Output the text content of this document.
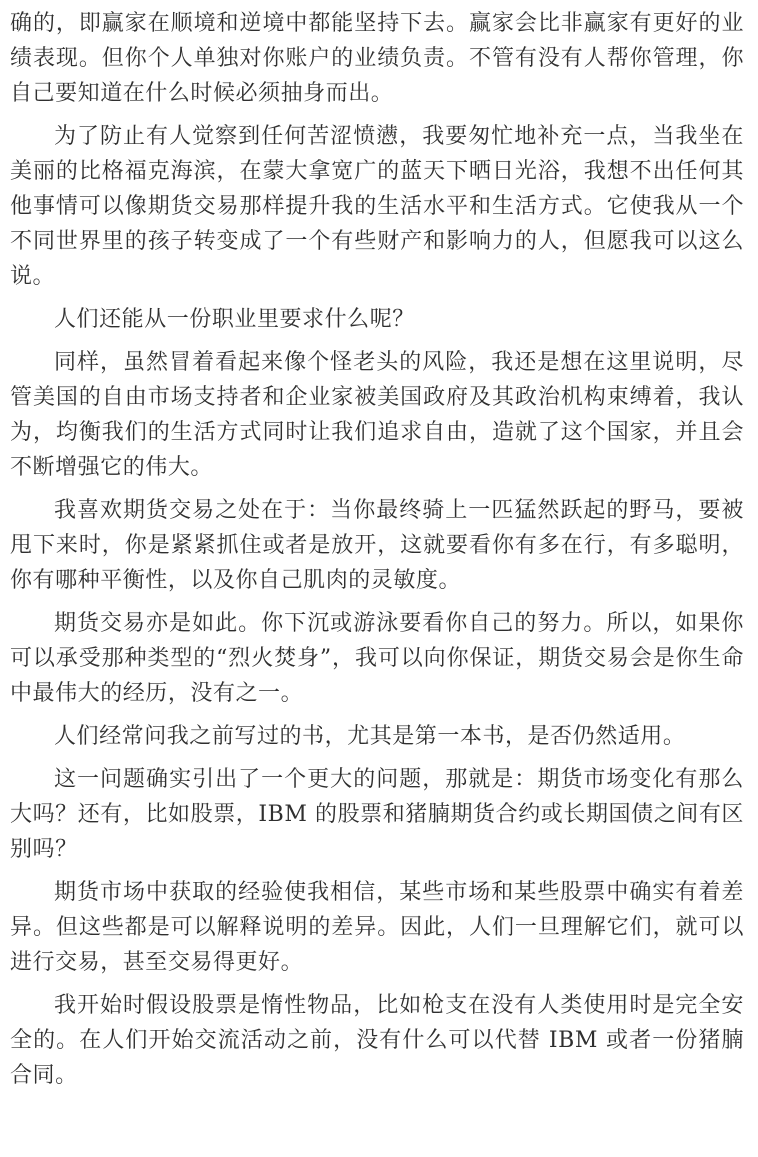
确的，即赢家在顺境和逆境中都能坚持下去。赢家会比非赢家有更好的业绩表现。但你个人单独对你账户的业绩负责。不管有没有人帮你管理，你自己要知道在什么时候必须抽身而出。

为了防止有人觉察到任何苦涩愤懑，我要匆忙地补充一点，当我坐在美丽的比格福克海滨，在蒙大拿宽广的蓝天下晒日光浴，我想不出任何其他事情可以像期货交易那样提升我的生活水平和生活方式。它使我从一个不同世界里的孩子转变成了一个有些财产和影响力的人，但愿我可以这么说。

人们还能从一份职业里要求什么呢？

同样，虽然冒着看起来像个怪老头的风险，我还是想在这里说明，尽管美国的自由市场支持者和企业家被美国政府及其政治机构束缚着，我认为，均衡我们的生活方式同时让我们追求自由，造就了这个国家，并且会不断增强它的伟大。

我喜欢期货交易之处在于：当你最终骑上一匹猛然跃起的野马，要被甩下来时，你是紧紧抓住或者是放开，这就要看你有多在行，有多聪明，你有哪种平衡性，以及你自己肌肉的灵敏度。

期货交易亦是如此。你下沉或游泳要看你自己的努力。所以，如果你可以承受那种类型的“烈火焚身”，我可以向你保证，期货交易会是你生命中最伟大的经历，没有之一。

人们经常问我之前写过的书，尤其是第一本书，是否仍然适用。

这一问题确实引出了一个更大的问题，那就是：期货市场变化有那么大吗？还有，比如股票，IBM 的股票和猪腩期货合约或长期国债之间有区别吗？

期货市场中获取的经验使我相信，某些市场和某些股票中确实有着差异。但这些都是可以解释说明的差异。因此，人们一旦理解它们，就可以进行交易，甚至交易得更好。

我开始时假设股票是惰性物品，比如枪支在没有人类使用时是完全安全的。在人们开始交流活动之前，没有什么可以代替 IBM 或者一份猪腩合同。
